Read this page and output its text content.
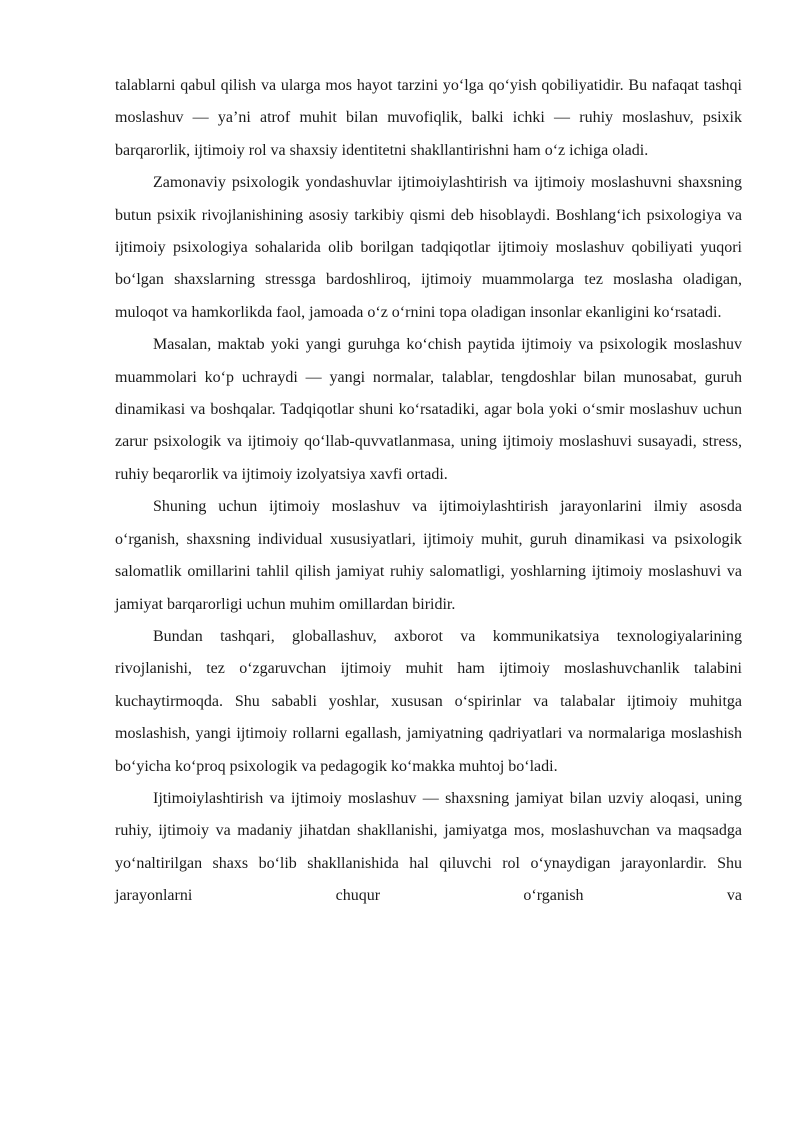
talablarni qabul qilish va ularga mos hayot tarzini yo‘lga qo‘yish qobiliyatidir. Bu nafaqat tashqi moslashuv — ya’ni atrof muhit bilan muvofiqlik, balki ichki — ruhiy moslashuv, psixik barqarorlik, ijtimoiy rol va shaxsiy identitetni shakllantirishni ham o‘z ichiga oladi.

Zamonaviy psixologik yondashuvlar ijtimoiylashtirish va ijtimoiy moslashuvni shaxsning butun psixik rivojlanishining asosiy tarkibiy qismi deb hisoblaydi. Boshlang‘ich psixologiya va ijtimoiy psixologiya sohalarida olib borilgan tadqiqotlar ijtimoiy moslashuv qobiliyati yuqori bo‘lgan shaxslarning stressga bardoshliroq, ijtimoiy muammolarga tez moslasha oladigan, muloqot va hamkorlikda faol, jamoada o‘z o‘rnini topa oladigan insonlar ekanligini ko‘rsatadi.

Masalan, maktab yoki yangi guruhga ko‘chish paytida ijtimoiy va psixologik moslashuv muammolari ko‘p uchraydi — yangi normalar, talablar, tengdoshlar bilan munosabat, guruh dinamikasi va boshqalar. Tadqiqotlar shuni ko‘rsatadiki, agar bola yoki o‘smir moslashuv uchun zarur psixologik va ijtimoiy qo‘llab-quvvatlanmasa, uning ijtimoiy moslashuvi susayadi, stress, ruhiy beqarorlik va ijtimoiy izolyatsiya xavfi ortadi.

Shuning uchun ijtimoiy moslashuv va ijtimoiylashtirish jarayonlarini ilmiy asosda o‘rganish, shaxsning individual xususiyatlari, ijtimoiy muhit, guruh dinamikasi va psixologik salomatlik omillarini tahlil qilish jamiyat ruhiy salomatligi, yoshlarning ijtimoiy moslashuvi va jamiyat barqarorligi uchun muhim omillardan biridir.

Bundan tashqari, globallashuv, axborot va kommunikatsiya texnologiyalarining rivojlanishi, tez o‘zgaruvchan ijtimoiy muhit ham ijtimoiy moslashuvchanlik talabini kuchaytirmoqda. Shu sababli yoshlar, xususan o‘spirinlar va talabalar ijtimoiy muhitga moslashish, yangi ijtimoiy rollarni egallash, jamiyatning qadriyatlari va normalariga moslashish bo‘yicha ko‘proq psixologik va pedagogik ko‘makka muhtoj bo‘ladi.

Ijtimoiylashtirish va ijtimoiy moslashuv — shaxsning jamiyat bilan uzviy aloqasi, uning ruhiy, ijtimoiy va madaniy jihatdan shakllanishi, jamiyatga mos, moslashuvchan va maqsadga yo‘naltirilgan shaxs bo‘lib shakllanishida hal qiluvchi rol o‘ynaydigan jarayonlardir. Shu jarayonlarni chuqur o‘rganish va
